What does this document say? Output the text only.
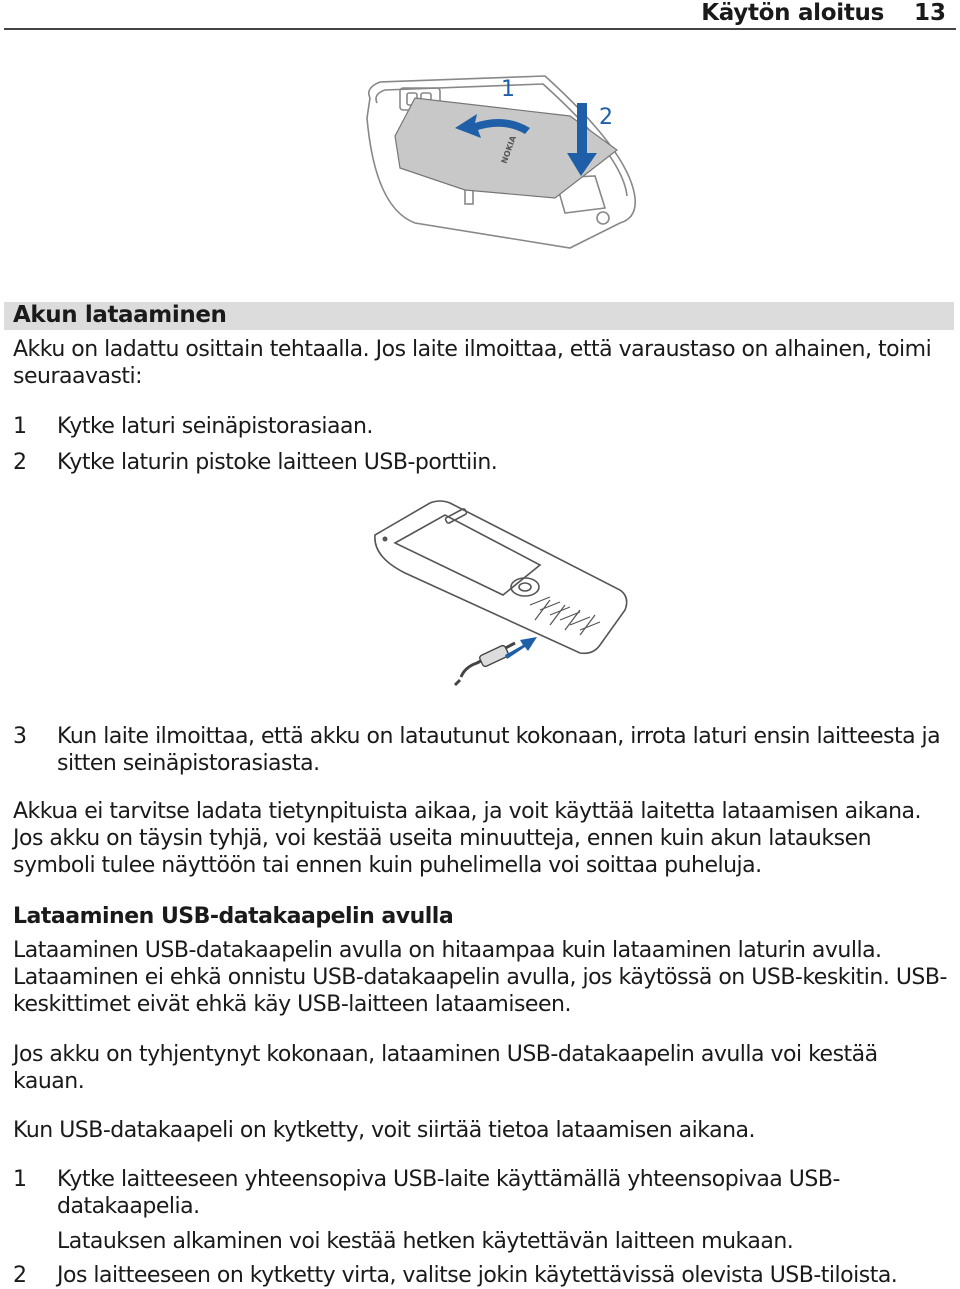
Käytön aloitus 13
NOKIA
1
2
Akun lataaminen
Akku on ladattu osittain tehtaalla. Jos laite ilmoittaa, että varaustaso on alhainen, toimi seuraavasti:
1 Kytke laturi seinäpistorasiaan.
2 Kytke laturin pistoke laitteen USB-porttiin.
3 Kun laite ilmoittaa, että akku on latautunut kokonaan, irrota laturi ensin laitteesta ja sitten seinäpistorasiasta.
Akkua ei tarvitse ladata tietynpituista aikaa, ja voit käyttää laitetta lataamisen aikana. Jos akku on täysin tyhjä, voi kestää useita minuutteja, ennen kuin akun latauksen symboli tulee näyttöön tai ennen kuin puhelimella voi soittaa puheluja.
Lataaminen USB-datakaapelin avulla
Lataaminen USB-datakaapelin avulla on hitaampaa kuin lataaminen laturin avulla. Lataaminen ei ehkä onnistu USB-datakaapelin avulla, jos käytössä on USB-keskitin. USB-keskittimet eivät ehkä käy USB-laitteen lataamiseen.
Jos akku on tyhjentynyt kokonaan, lataaminen USB-datakaapelin avulla voi kestää kauan.
Kun USB-datakaapeli on kytketty, voit siirtää tietoa lataamisen aikana.
1 Kytke laitteeseen yhteensopiva USB-laite käyttämällä yhteensopivaa USB-datakaapelia.
Latauksen alkaminen voi kestää hetken käytettävän laitteen mukaan.
2 Jos laitteeseen on kytketty virta, valitse jokin käytettävissä olevista USB-tiloista.
